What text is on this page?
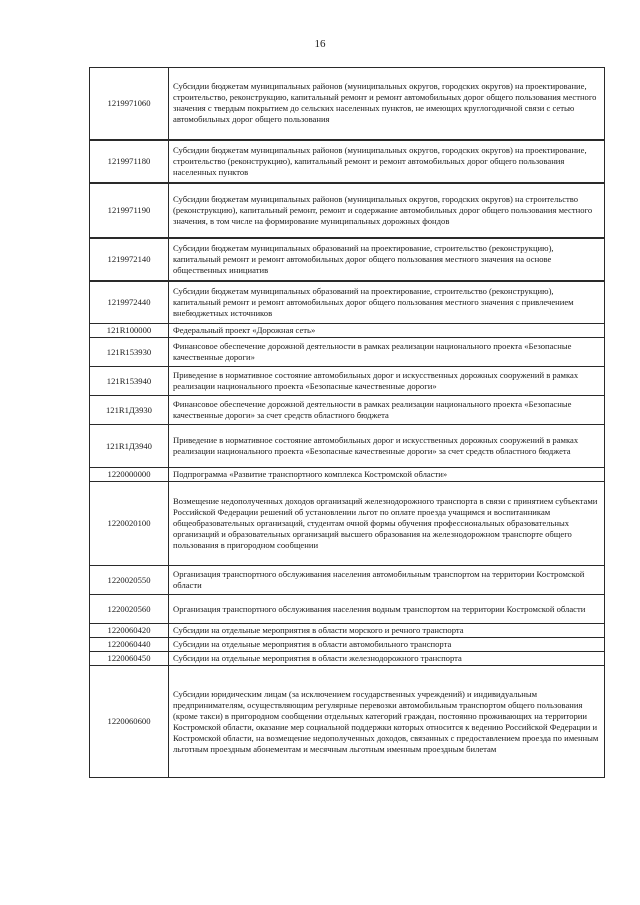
16
1219971060	Субсидии бюджетам муниципальных районов (муниципальных округов, городских округов) на проектирование, строительство, реконструкцию, капитальный ремонт и ремонт автомобильных дорог общего пользования местного значения с твердым покрытием до сельских населенных пунктов, не имеющих круглогодичной связи с сетью автомобильных дорог общего пользования
1219971180	Субсидии бюджетам муниципальных районов (муниципальных округов, городских округов) на проектирование, строительство (реконструкцию), капитальный ремонт и ремонт автомобильных дорог общего пользования населенных пунктов
1219971190	Субсидии бюджетам муниципальных районов (муниципальных округов, городских округов) на строительство (реконструкцию), капитальный ремонт, ремонт и содержание автомобильных дорог общего пользования местного значения, в том числе на формирование муниципальных дорожных фондов
1219972140	Субсидии бюджетам муниципальных образований на проектирование, строительство (реконструкцию), капитальный ремонт и ремонт автомобильных дорог общего пользования местного значения на основе общественных инициатив
1219972440	Субсидии бюджетам муниципальных образований на проектирование, строительство (реконструкцию), капитальный ремонт и ремонт автомобильных дорог общего пользования местного значения с привлечением внебюджетных источников
121R100000	Федеральный проект «Дорожная сеть»
121R153930	Финансовое обеспечение дорожной деятельности в рамках реализации национального проекта «Безопасные качественные дороги»
121R153940	Приведение в нормативное состояние автомобильных дорог и искусственных дорожных сооружений в рамках реализации национального проекта «Безопасные качественные дороги»
121R1Д3930	Финансовое обеспечение дорожной деятельности в рамках реализации национального проекта «Безопасные качественные дороги» за счет средств областного бюджета
121R1Д3940	Приведение в нормативное состояние автомобильных дорог и искусственных дорожных сооружений в рамках реализации национального проекта «Безопасные качественные дороги» за счет средств областного бюджета
1220000000	Подпрограмма «Развитие транспортного комплекса Костромской области»
1220020100	Возмещение недополученных доходов организаций железнодорожного транспорта в связи с принятием субъектами Российской Федерации решений об установлении льгот по оплате проезда учащимся и воспитанникам общеобразовательных организаций, студентам очной формы обучения профессиональных образовательных организаций и образовательных организаций высшего образования на железнодорожном транспорте общего пользования в пригородном сообщении
1220020550	Организация транспортного обслуживания населения автомобильным транспортом на территории Костромской области
1220020560	Организация транспортного обслуживания населения водным транспортом на территории Костромской области
1220060420	Субсидии на отдельные мероприятия в области морского и речного транспорта
1220060440	Субсидии на отдельные мероприятия в области автомобильного транспорта
1220060450	Субсидии на отдельные мероприятия в области железнодорожного транспорта
1220060600	Субсидии юридическим лицам (за исключением государственных учреждений) и индивидуальным предпринимателям, осуществляющим регулярные перевозки автомобильным транспортом общего пользования (кроме такси) в пригородном сообщении отдельных категорий граждан, постоянно проживающих на территории Костромской области, оказание мер социальной поддержки которых относится к ведению Российской Федерации и Костромской области, на возмещение недополученных доходов, связанных с предоставлением проезда по именным льготным проездным абонементам и месячным льготным именным проездным билетам
